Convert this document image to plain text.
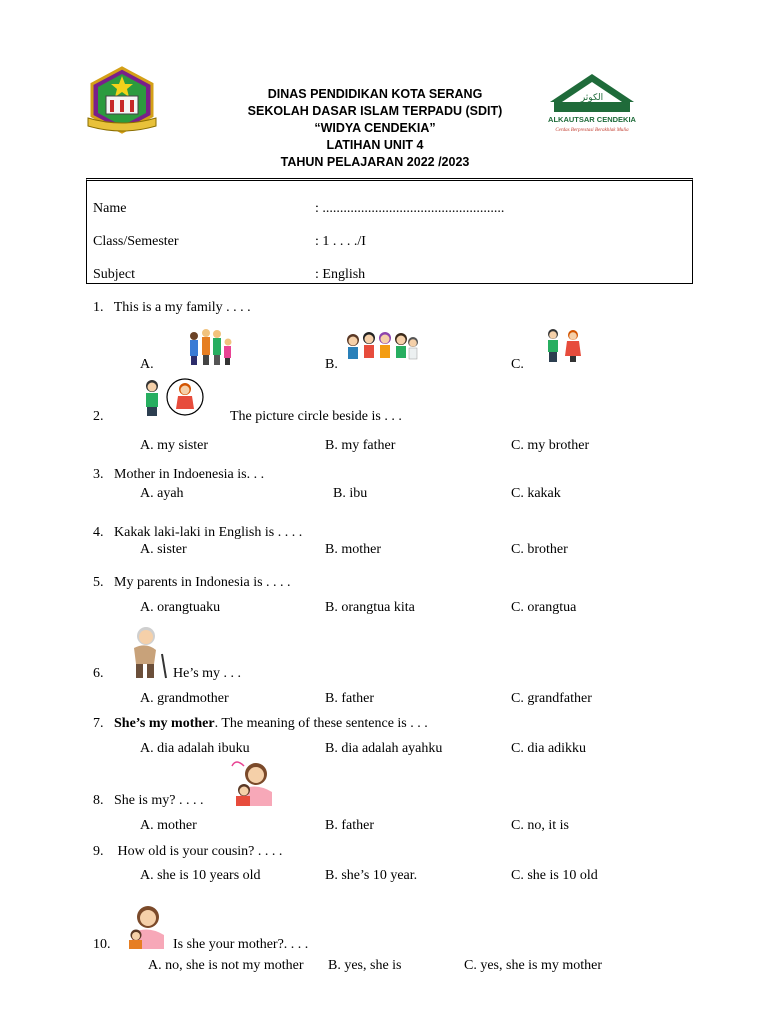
الكوثر
ALKAUTSAR CENDEKIA
Cerdas Berprestasi Berakhlak Mulia
DINAS PENDIDIKAN KOTA SERANG
SEKOLAH DASAR ISLAM TERPADU (SDIT)
“WIDYA CENDEKIA”
LATIHAN UNIT 4
TAHUN PELAJARAN 2022 /2023
Name	: ....................................................
Class/Semester	: 1 . . . ./I
Subject	: English
1. This is a my family . . . .
A.	B.	C.
2.	The picture circle beside is . . .
A. my sister	B. my father	C. my brother
3. Mother in Indoenesia is. . .
A. ayah	B. ibu	C. kakak
4. Kakak laki-laki in English is . . . .
A. sister	B. mother	C. brother
5. My parents in Indonesia is . . . .
A. orangtuaku	B. orangtua kita	C. orangtua
6.	He’s my . . .
A. grandmother	B. father	C. grandfather
7. She’s my mother. The meaning of these sentence is . . .
A. dia adalah ibuku	B. dia adalah ayahku	C. dia adikku
8. She is my? . . . .
A. mother	B. father	C. no, it is
9. How old is your cousin? . . . .
A. she is 10 years old	B. she’s 10 year.	C. she is 10 old
10.	Is she your mother?. . . .
A. no, she is not my mother B. yes, she is	C. yes, she is my mother
